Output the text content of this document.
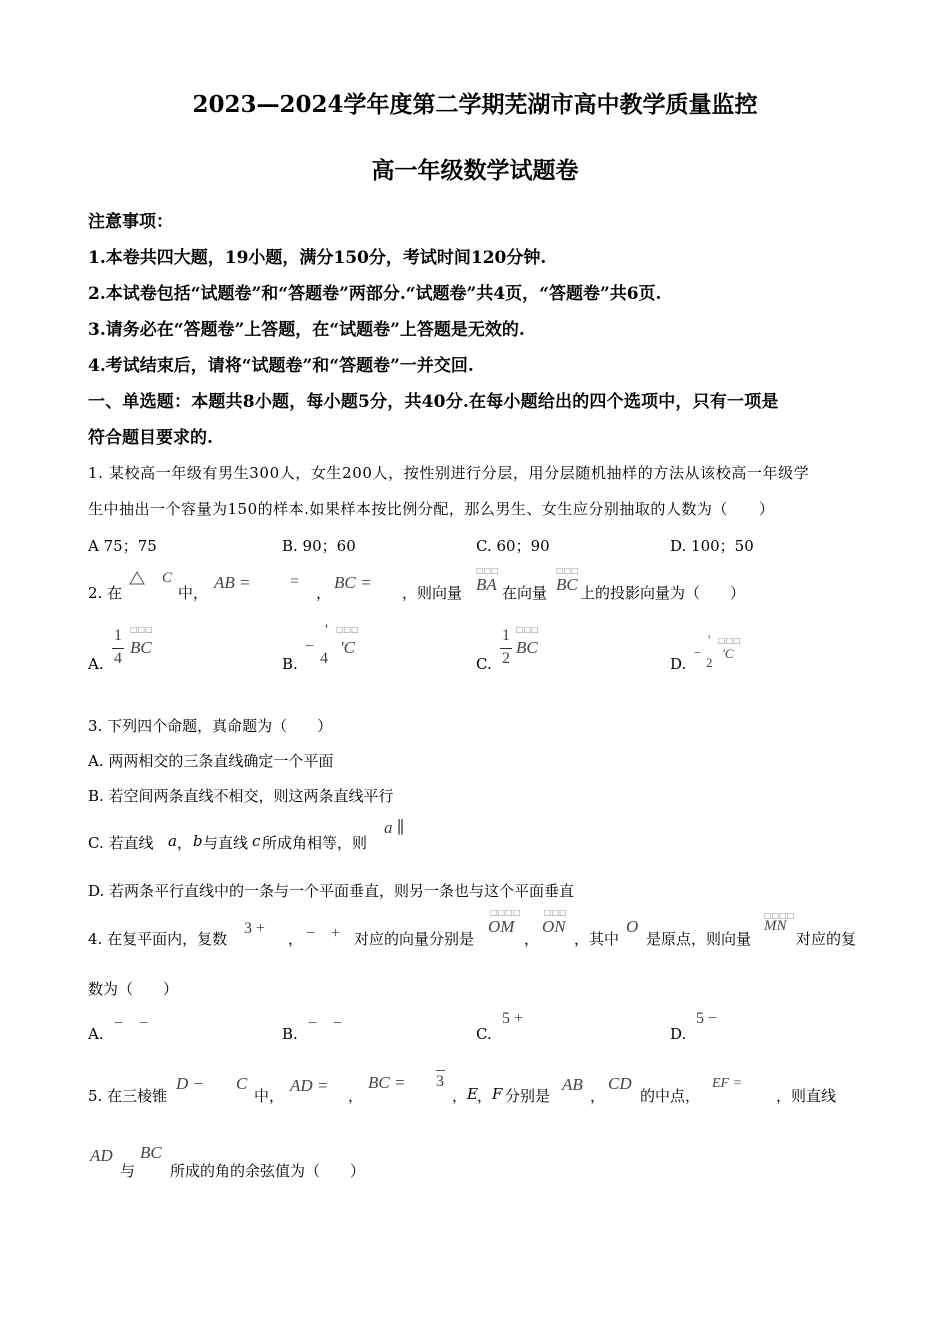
2023—2024学年度第二学期芜湖市高中教学质量监控
高一年级数学试题卷
注意事项：
1.本卷共四大题，19小题，满分150分，考试时间120分钟.
2.本试卷包括“试题卷”和“答题卷”两部分.“试题卷”共4页，“答题卷”共6页.
3.请务必在“答题卷”上答题，在“试题卷”上答题是无效的.
4.考试结束后，请将“试题卷”和“答题卷”一并交回.
一、单选题：本题共8小题，每小题5分，共40分.在每小题给出的四个选项中，只有一项是
符合题目要求的.
1. 某校高一年级有男生300人，女生200人，按性别进行分层，用分层随机抽样的方法从该校高一年级学
生中抽出一个容量为150的样本.如果样本按比例分配，那么男生、女生应分别抽取的人数为（　　）
A 75；75	B. 90；60	C. 60；90	D. 100；50
2. 在
C
中，
AB = =
，
BC =
，则向量
□□□
BA 在向量
□□□
BC 上的投影向量为（　　）
A.
1
4
□□□
BC
B.
−
'
4
□□□
'C
C.
1
2
□□□
BC
D.
−
'
2
□□□
'C
3. 下列四个命题，真命题为（　　）
A. 两两相交的三条直线确定一个平面
B. 若空间两条直线不相交，则这两条直线平行
C. 若直线 a ， b 与直线 c 所成角相等，则
a ∥
D. 若两条平行直线中的一条与一个平面垂直，则另一条也与这个平面垂直
4. 在复平面内，复数
3 +
， −　+ 对应的向量分别是
□□□□
OM
，
□□□
ON
，其中
O
是原点，则向量
□□□□
MN
对应的复
数为（　　）
A.
−　−
B.
−　−
C.
5 +
D.
5 −
5. 在三棱锥
D − C
中，
AD =
，
BC = 3
， E ， F 分别是
AB
，
CD
的中点，
EF =
，则直线
AD
与
BC
所成的角的余弦值为（　　）
